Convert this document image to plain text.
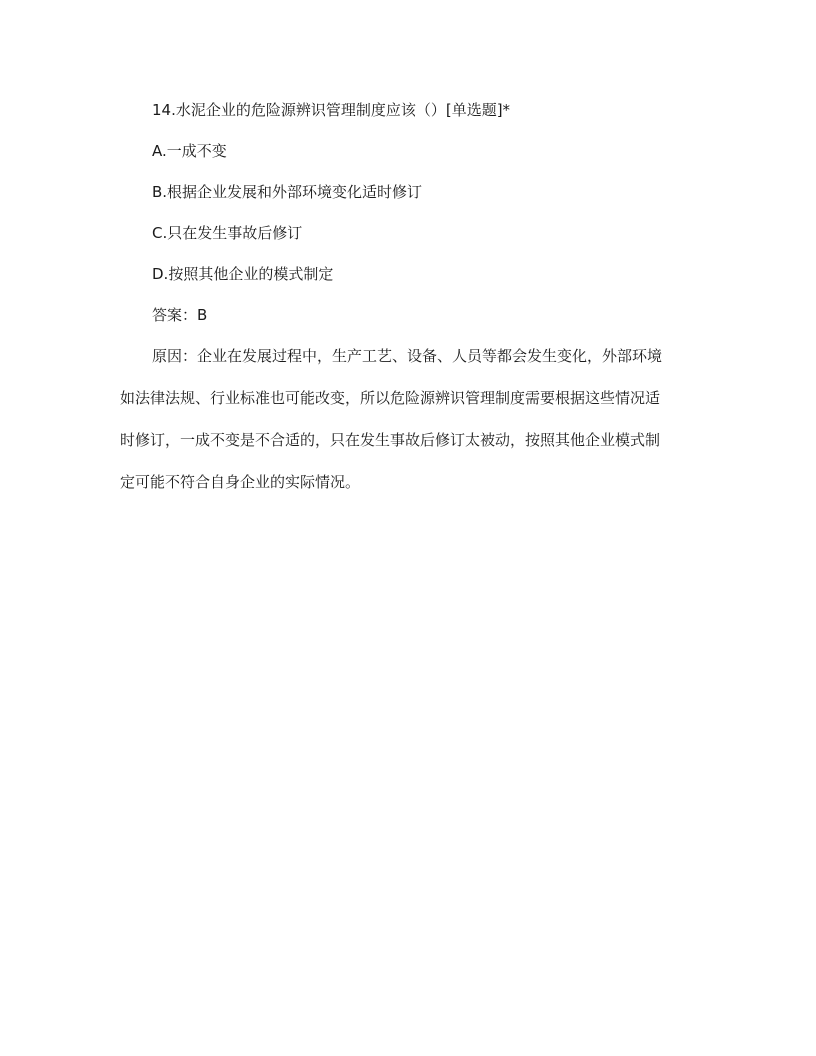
14.水泥企业的危险源辨识管理制度应该（）[单选题]*
A.一成不变
B.根据企业发展和外部环境变化适时修订
C.只在发生事故后修订
D.按照其他企业的模式制定
答案：B
原因：企业在发展过程中，生产工艺、设备、人员等都会发生变化，外部环境
如法律法规、行业标准也可能改变，所以危险源辨识管理制度需要根据这些情况适
时修订，一成不变是不合适的，只在发生事故后修订太被动，按照其他企业模式制
定可能不符合自身企业的实际情况。
